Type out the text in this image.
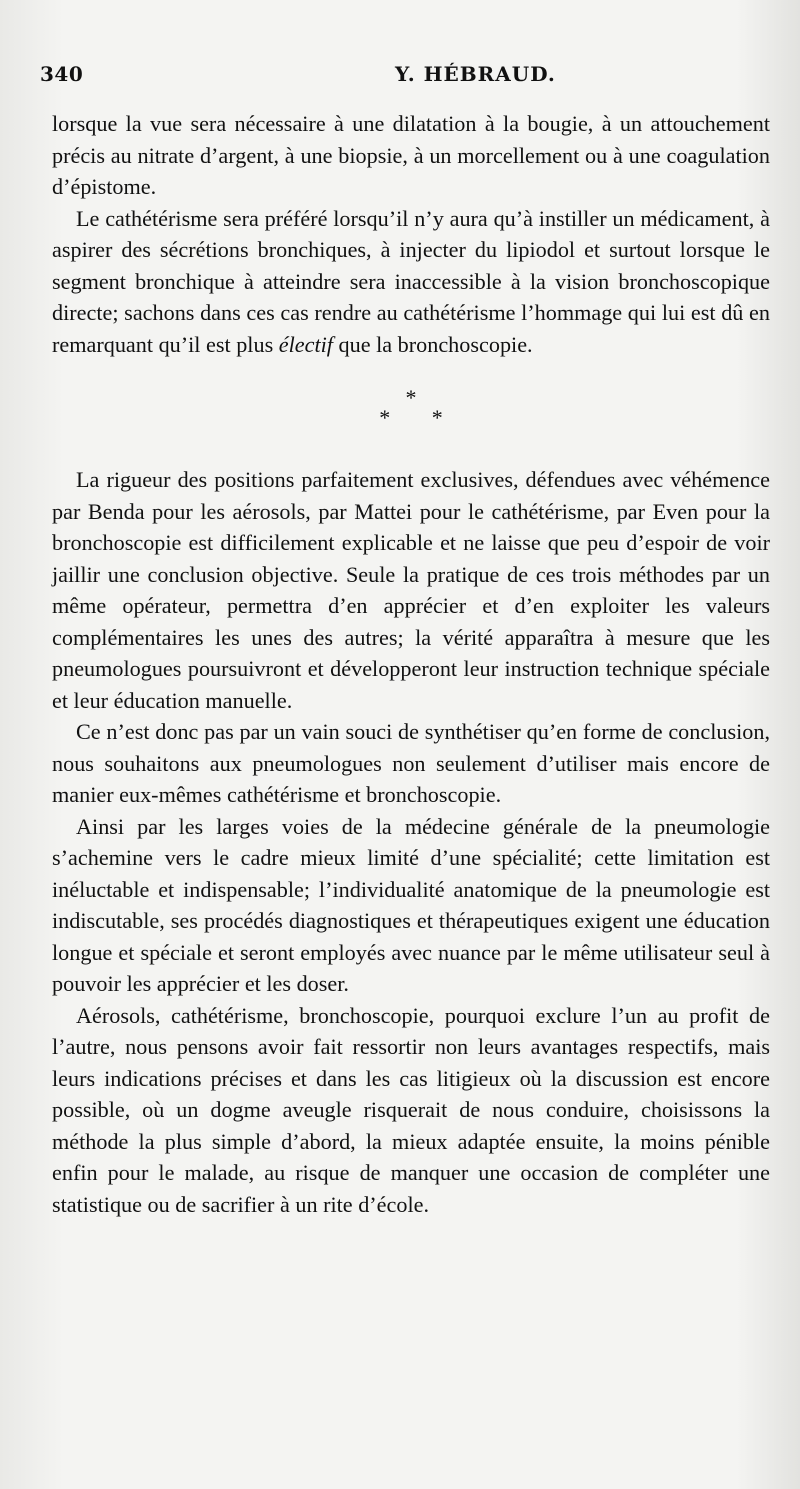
340	Y. HÉBRAUD.

lorsque la vue sera nécessaire à une dilatation à la bougie, à un attouchement précis au nitrate d’argent, à une biopsie, à un morcellement ou à une coagulation d’épistome.

Le cathétérisme sera préféré lorsqu’il n’y aura qu’à instiller un médicament, à aspirer des sécrétions bronchiques, à injecter du lipiodol et surtout lorsque le segment bronchique à atteindre sera inaccessible à la vision bronchoscopique directe; sachons dans ces cas rendre au cathétérisme l’hommage qui lui est dû en remarquant qu’il est plus électif que la bronchoscopie.

*
* *

La rigueur des positions parfaitement exclusives, défendues avec véhémence par Benda pour les aérosols, par Mattei pour le cathétérisme, par Even pour la bronchoscopie est difficilement explicable et ne laisse que peu d’espoir de voir jaillir une conclusion objective. Seule la pratique de ces trois méthodes par un même opérateur, permettra d’en apprécier et d’en exploiter les valeurs complémentaires les unes des autres; la vérité apparaîtra à mesure que les pneumologues poursuivront et développeront leur instruction technique spéciale et leur éducation manuelle.

Ce n’est donc pas par un vain souci de synthétiser qu’en forme de conclusion, nous souhaitons aux pneumologues non seulement d’utiliser mais encore de manier eux-mêmes cathétérisme et bronchoscopie.

Ainsi par les larges voies de la médecine générale de la pneumologie s’achemine vers le cadre mieux limité d’une spécialité; cette limitation est inéluctable et indispensable; l’individualité anatomique de la pneumologie est indiscutable, ses procédés diagnostiques et thérapeutiques exigent une éducation longue et spéciale et seront employés avec nuance par le même utilisateur seul à pouvoir les apprécier et les doser.

Aérosols, cathétérisme, bronchoscopie, pourquoi exclure l’un au profit de l’autre, nous pensons avoir fait ressortir non leurs avantages respectifs, mais leurs indications précises et dans les cas litigieux où la discussion est encore possible, où un dogme aveugle risquerait de nous conduire, choisissons la méthode la plus simple d’abord, la mieux adaptée ensuite, la moins pénible enfin pour le malade, au risque de manquer une occasion de compléter une statistique ou de sacrifier à un rite d’école.
